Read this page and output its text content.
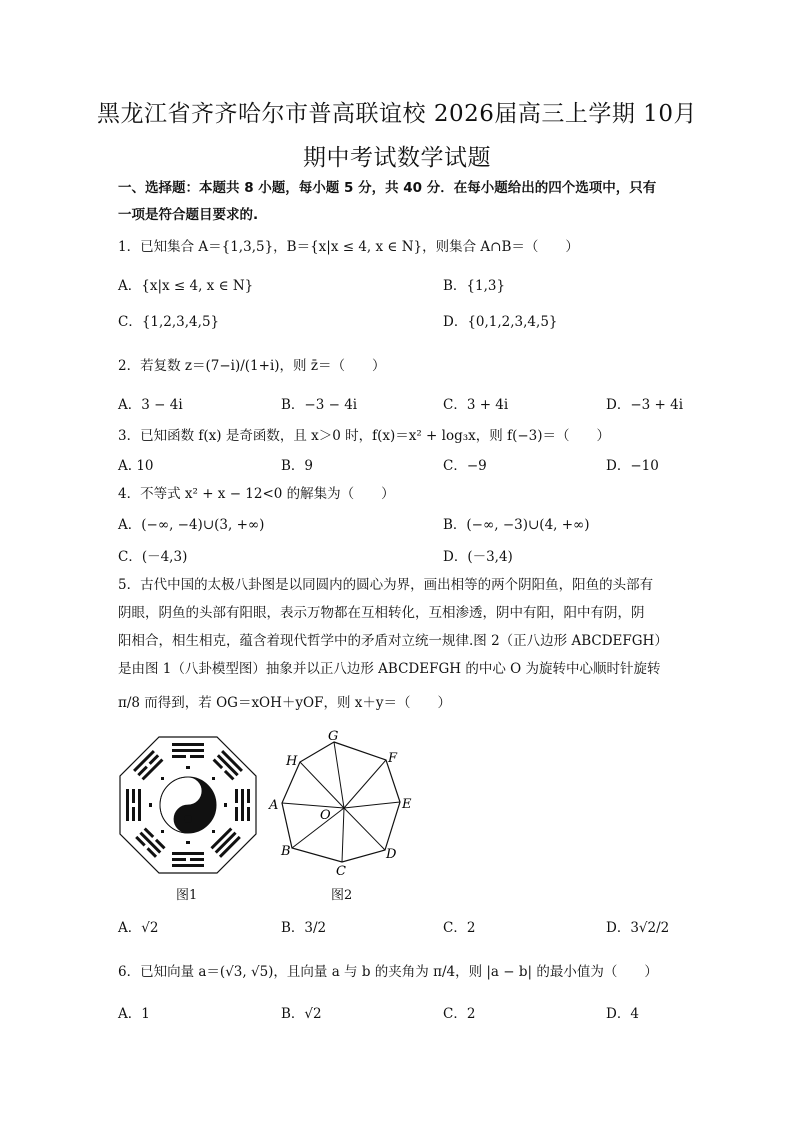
黑龙江省齐齐哈尔市普高联谊校 2026届高三上学期 10月
期中考试数学试题
一、选择题：本题共 8 小题，每小题 5 分，共 40 分．在每小题给出的四个选项中，只有
一项是符合题目要求的.
1．已知集合 A＝{1,3,5}，B＝{x|x ≤ 4, x ∈ N}，则集合 A∩B＝（　　）
A．{x|x ≤ 4, x ∈ N}	B．{1,3}
C．{1,2,3,4,5}	D．{0,1,2,3,4,5}
2．若复数 z＝(7−i)/(1+i)，则 z̄＝（　　）
A．3 − 4i	B．−3 − 4i	C．3 + 4i	D．−3 + 4i
3．已知函数 f(x) 是奇函数，且 x＞0 时，f(x)＝x² + log₃x，则 f(−3)＝（　　）
A. 10	B．9	C．−9	D．−10
4．不等式 x² + x − 12<0 的解集为（　　）
A．(−∞, −4)∪(3, +∞)	B．(−∞, −3)∪(4, +∞)
C．(－4,3)	D．(－3,4)
5．古代中国的太极八卦图是以同圆内的圆心为界，画出相等的两个阴阳鱼，阳鱼的头部有
阴眼，阴鱼的头部有阳眼，表示万物都在互相转化，互相渗透，阴中有阳，阳中有阴，阴
阳相合，相生相克，蕴含着现代哲学中的矛盾对立统一规律.图 2（正八边形 ABCDEFGH）
是由图 1（八卦模型图）抽象并以正八边形 ABCDEFGH 的中心 O 为旋转中心顺时针旋转
π/8 而得到，若 OG＝xOH＋yOF，则 x＋y＝（　　）
图1
A
B
C
D
E
F
G
H
O
图2
A．√2	B．3/2	C．2	D．3√2/2
6．已知向量 a＝(√3, √5)，且向量 a 与 b 的夹角为 π/4，则 |a − b| 的最小值为（　　）
A．1	B．√2	C．2	D．4
